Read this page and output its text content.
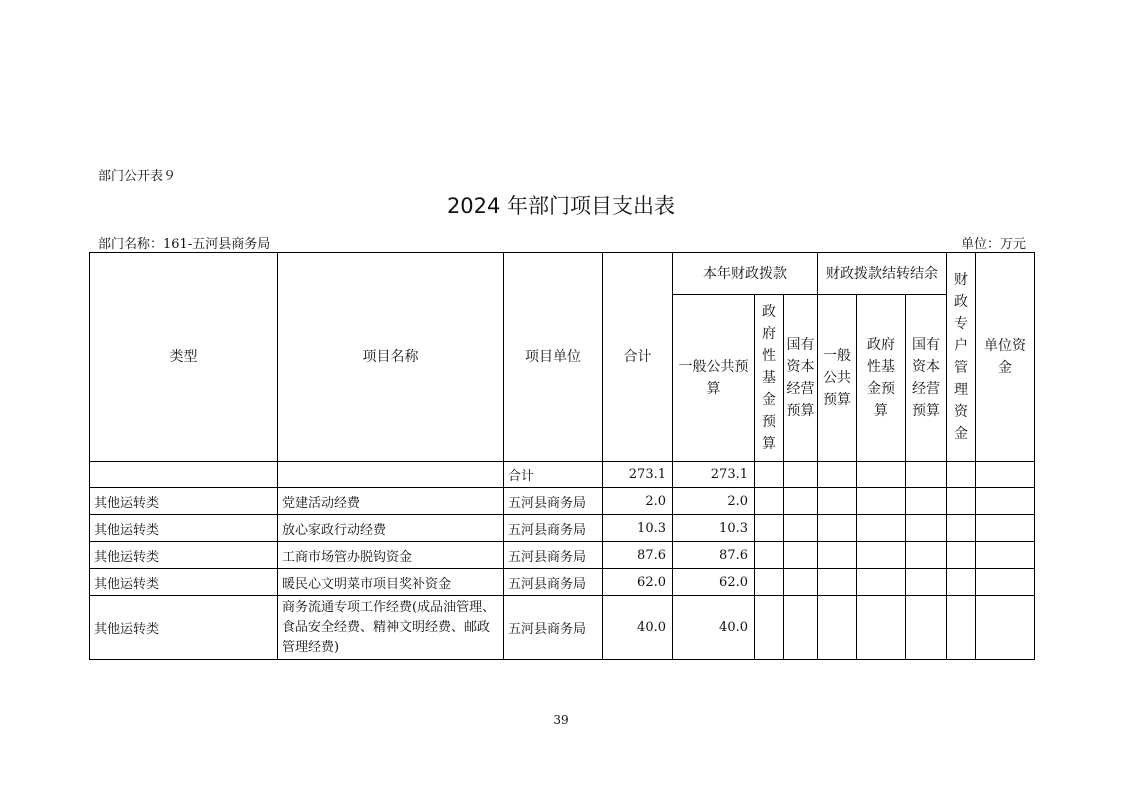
部门公开表９
2024 年部门项目支出表
部门名称：161-五河县商务局	单位：万元
类型	项目名称	项目单位	合计	本年财政拨款			财政拨款结转结余			财政专户管理资金	单位资金
				一般公共预算	政府性基金预算	国有资本经营预算	一般公共预算	政府性基金预算	国有资本经营预算		
		合计	273.1	273.1							
其他运转类	党建活动经费	五河县商务局	2.0	2.0							
其他运转类	放心家政行动经费	五河县商务局	10.3	10.3							
其他运转类	工商市场管办脱钩资金	五河县商务局	87.6	87.6							
其他运转类	暖民心文明菜市项目奖补资金	五河县商务局	62.0	62.0							
其他运转类	商务流通专项工作经费(成品油管理、食品安全经费、精神文明经费、邮政管理经费)	五河县商务局	40.0	40.0							
39
